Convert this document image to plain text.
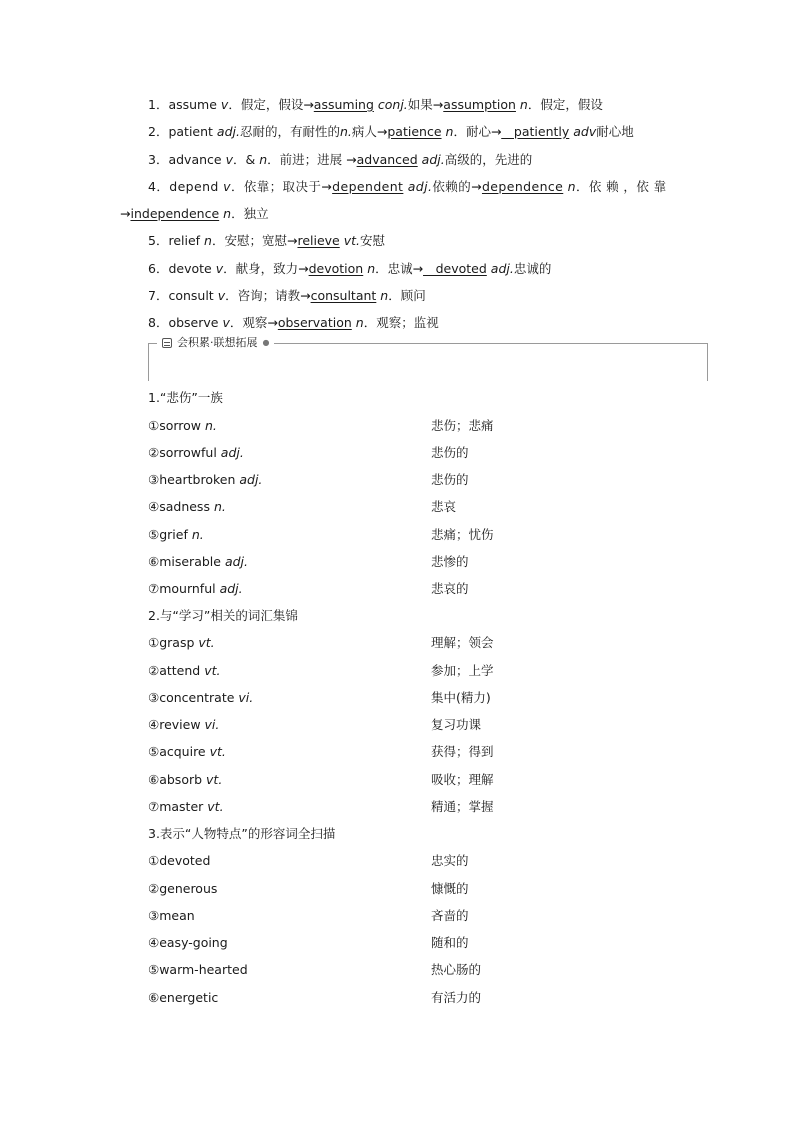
1．assume v．假定，假设→assuming conj.如果→assumption n．假定，假设
2．patient adj.忍耐的，有耐性的n.病人→patience n．耐心→__patiently adv耐心地
3．advance v．& n．前进；进展 →advanced adj.高级的，先进的
4．depend v．依靠；取决于→dependent adj.依赖的→dependence n．依 赖 ，依 靠
→independence n．独立
5．relief n．安慰；宽慰→relieve vt.安慰
6．devote v．献身，致力→devotion n．忠诚→__devoted adj.忠诚的
7．consult v．咨询；请教→consultant n．顾问
8．observe v．观察→observation n．观察；监视
会积累·联想拓展 ●
1.“悲伤”一族
①sorrow n.	悲伤；悲痛
②sorrowful adj.	悲伤的
③heartbroken adj.	悲伤的
④sadness n.	悲哀
⑤grief n.	悲痛；忧伤
⑥miserable adj.	悲惨的
⑦mournful adj.	悲哀的
2.与“学习”相关的词汇集锦
①grasp vt.	理解；领会
②attend vt.	参加；上学
③concentrate vi.	集中(精力)
④review vi.	复习功课
⑤acquire vt.	获得；得到
⑥absorb vt.	吸收；理解
⑦master vt.	精通；掌握
3.表示“人物特点”的形容词全扫描
①devoted	忠实的
②generous	慷慨的
③mean	吝啬的
④easy-going	随和的
⑤warm-hearted	热心肠的
⑥energetic	有活力的
